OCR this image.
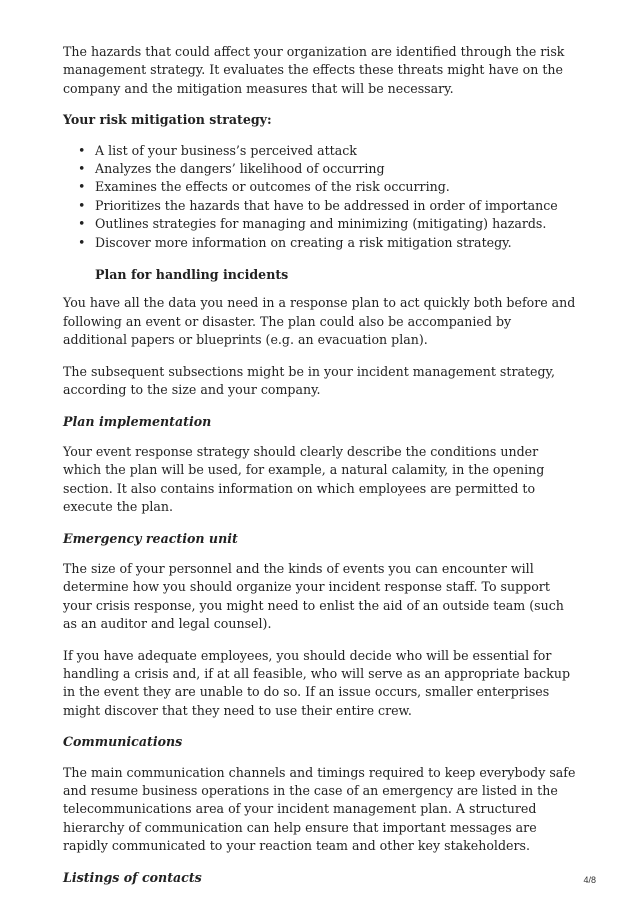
The hazards that could affect your organization are identified through the risk management strategy. It evaluates the effects these threats might have on the company and the mitigation measures that will be necessary.

Your risk mitigation strategy:

• A list of your business’s perceived attack
• Analyzes the dangers’ likelihood of occurring
• Examines the effects or outcomes of the risk occurring.
• Prioritizes the hazards that have to be addressed in order of importance
• Outlines strategies for managing and minimizing (mitigating) hazards.
• Discover more information on creating a risk mitigation strategy.

Plan for handling incidents

You have all the data you need in a response plan to act quickly both before and following an event or disaster. The plan could also be accompanied by additional papers or blueprints (e.g. an evacuation plan).

The subsequent subsections might be in your incident management strategy, according to the size and your company.

Plan implementation

Your event response strategy should clearly describe the conditions under which the plan will be used, for example, a natural calamity, in the opening section. It also contains information on which employees are permitted to execute the plan.

Emergency reaction unit

The size of your personnel and the kinds of events you can encounter will determine how you should organize your incident response staff. To support your crisis response, you might need to enlist the aid of an outside team (such as an auditor and legal counsel).

If you have adequate employees, you should decide who will be essential for handling a crisis and, if at all feasible, who will serve as an appropriate backup in the event they are unable to do so. If an issue occurs, smaller enterprises might discover that they need to use their entire crew.

Communications

The main communication channels and timings required to keep everybody safe and resume business operations in the case of an emergency are listed in the telecommunications area of your incident management plan. A structured hierarchy of communication can help ensure that important messages are rapidly communicated to your reaction team and other key stakeholders.

Listings of contacts	4/8
